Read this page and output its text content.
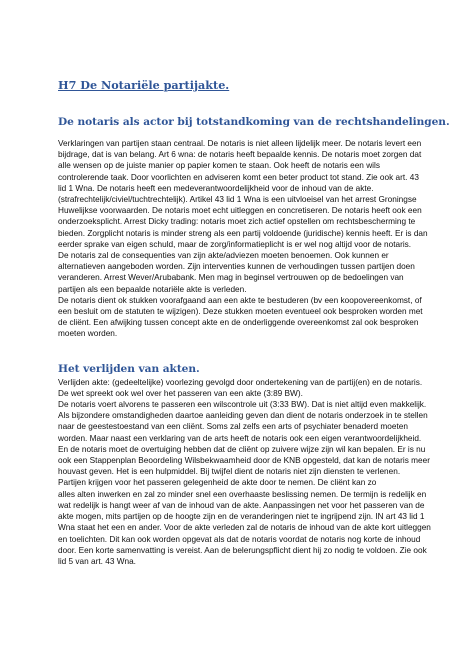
H7 De Notariële partijakte.
De notaris als actor bij totstandkoming van de rechtshandelingen.
Verklaringen van partijen staan centraal. De notaris is niet alleen lijdelijk meer. De notaris levert een
bijdrage, dat is van belang. Art 6 wna: de notaris heeft bepaalde kennis. De notaris moet zorgen dat
alle wensen op de juiste manier op papier komen te staan. Ook heeft de notaris een wils
controlerende taak. Door voorlichten en adviseren komt een beter product tot stand. Zie ook art. 43
lid 1 Wna. De notaris heeft een medeverantwoordelijkheid voor de inhoud van de akte.
(strafrechtelijk/civiel/tuchtrechtelijk). Artikel 43 lid 1 Wna is een uitvloeisel van het arrest Groningse
Huwelijkse voorwaarden. De notaris moet echt uitleggen en concretiseren. De notaris heeft ook een
onderzoeksplicht. Arrest Dicky trading: notaris moet zich actief opstellen om rechtsbescherming te
bieden. Zorgplicht notaris is minder streng als een partij voldoende (juridische) kennis heeft. Er is dan
eerder sprake van eigen schuld, maar de zorg/informatieplicht is er wel nog altijd voor de notaris.
De notaris zal de consequenties van zijn akte/adviezen moeten benoemen. Ook kunnen er
alternatieven aangeboden worden. Zijn interventies kunnen de verhoudingen tussen partijen doen
veranderen. Arrest Wever/Arubabank. Men mag in beginsel vertrouwen op de bedoelingen van
partijen als een bepaalde notariële akte is verleden.
De notaris dient ok stukken voorafgaand aan een akte te bestuderen (bv een koopovereenkomst, of
een besluit om de statuten te wijzigen). Deze stukken moeten eventueel ook besproken worden met
de cliënt. Een afwijking tussen concept akte en de onderliggende overeenkomst zal ook besproken
moeten worden.
Het verlijden van akten.
Verlijden akte: (gedeeltelijke) voorlezing gevolgd door ondertekening van de partij(en) en de notaris.
De wet spreekt ook wel over het passeren van een akte (3:89 BW).
De notaris voert alvorens te passeren een wilscontrole uit (3:33 BW). Dat is niet altijd even makkelijk.
Als bijzondere omstandigheden daartoe aanleiding geven dan dient de notaris onderzoek in te stellen
naar de geestestoestand van een cliënt. Soms zal zelfs een arts of psychiater benaderd moeten
worden. Maar naast een verklaring van de arts heeft de notaris ook een eigen verantwoordelijkheid.
En de notaris moet de overtuiging hebben dat de cliënt op zuivere wijze zijn wil kan bepalen. Er is nu
ook een Stappenplan Beoordeling Wilsbekwaamheid door de KNB opgesteld, dat kan de notaris meer
houvast geven. Het is een hulpmiddel. Bij twijfel dient de notaris niet zijn diensten te verlenen.
Partijen krijgen voor het passeren gelegenheid de akte door te nemen. De cliënt kan zo
alles alten inwerken en zal zo minder snel een overhaaste beslissing nemen. De termijn is redelijk en
wat redelijk is hangt weer af van de inhoud van de akte. Aanpassingen net voor het passeren van de
akte mogen, mits partijen op de hoogte zijn en de veranderingen niet te ingrijpend zijn. IN art 43 lid 1
Wna staat het een en ander. Voor de akte verleden zal de notaris de inhoud van de akte kort uitleggen
en toelichten. Dit kan ook worden opgevat als dat de notaris voordat de notaris nog korte de inhoud
door. Een korte samenvatting is vereist. Aan de belerungspflicht dient hij zo nodig te voldoen. Zie ook
lid 5 van art. 43 Wna.
